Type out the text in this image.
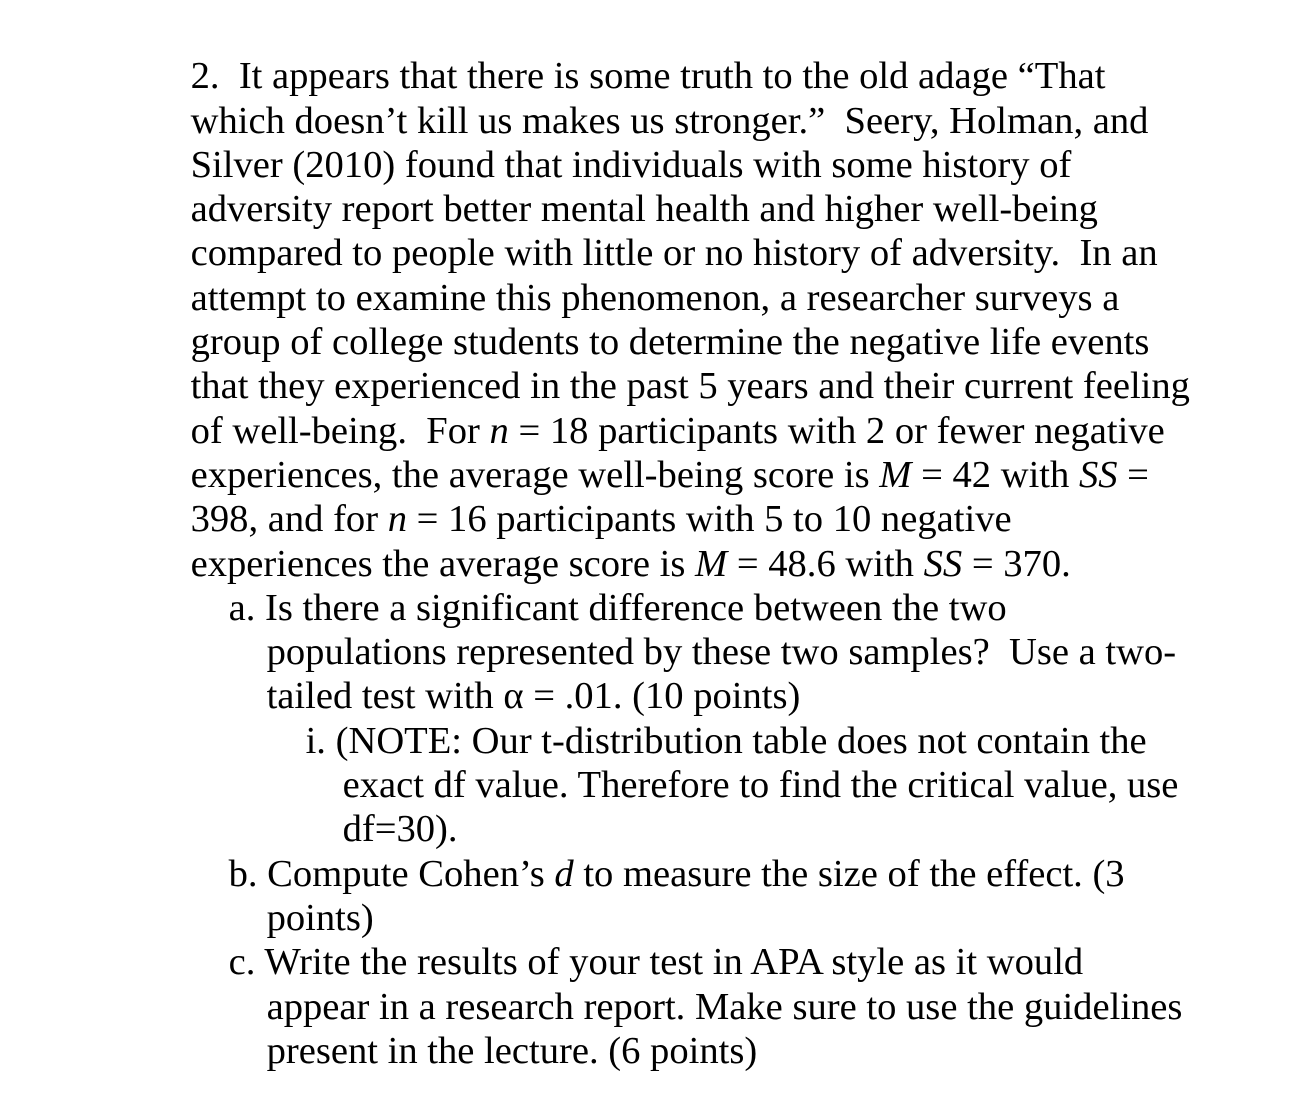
2. It appears that there is some truth to the old adage “That

which doesn’t kill us makes us stronger.”  Seery, Holman, and

Silver (2010) found that individuals with some history of

adversity report better mental health and higher well-being

compared to people with little or no history of adversity.  In an

attempt to examine this phenomenon, a researcher surveys a

group of college students to determine the negative life events

that they experienced in the past 5 years and their current feeling

of well-being.  For n = 18 participants with 2 or fewer negative

experiences, the average well-being score is M = 42 with SS =

398, and for n = 16 participants with 5 to 10 negative

experiences the average score is M = 48.6 with SS = 370.

a. Is there a significant difference between the two

populations represented by these two samples?  Use a two-

tailed test with α = .01. (10 points)

i. (NOTE: Our t-distribution table does not contain the

exact df value. Therefore to find the critical value, use

df=30).

b. Compute Cohen’s d to measure the size of the effect. (3

points)

c. Write the results of your test in APA style as it would

appear in a research report. Make sure to use the guidelines

present in the lecture. (6 points)
